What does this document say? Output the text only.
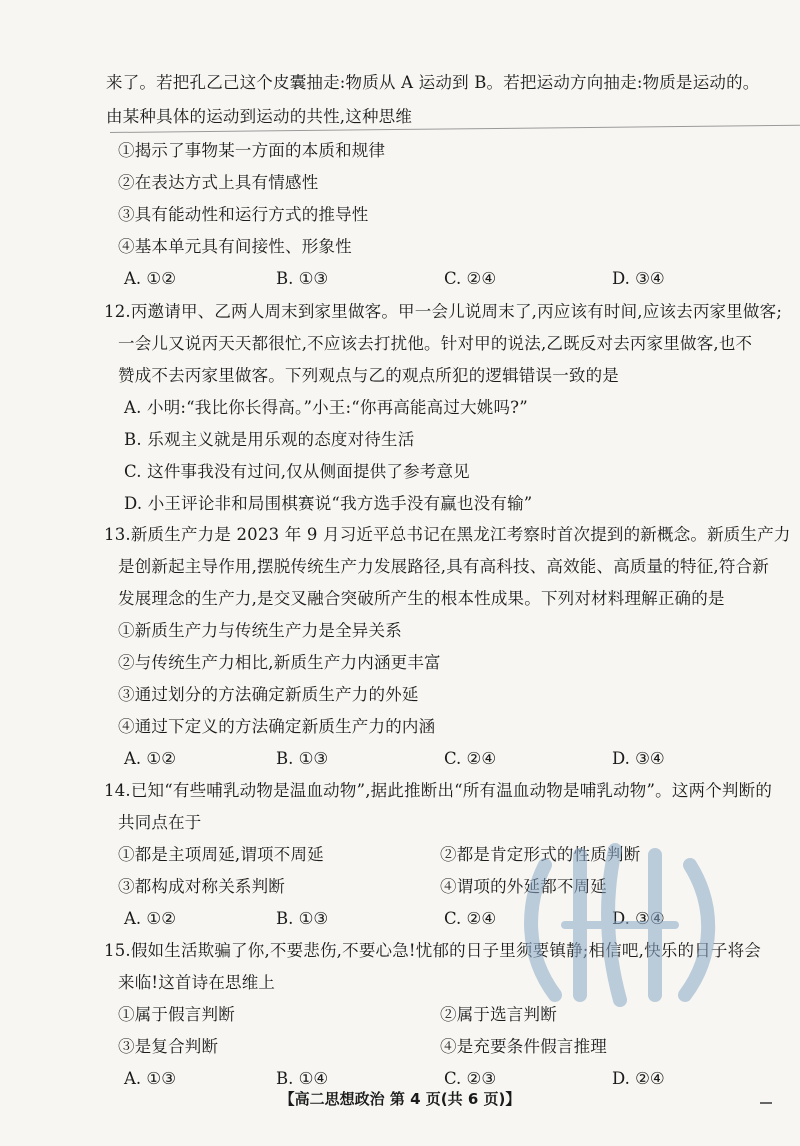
来了。若把孔乙己这个皮囊抽走:物质从 A 运动到 B。若把运动方向抽走:物质是运动的。
由某种具体的运动到运动的共性,这种思维
①揭示了事物某一方面的本质和规律
②在表达方式上具有情感性
③具有能动性和运行方式的推导性
④基本单元具有间接性、形象性
A. ①②	B. ①③	C. ②④	D. ③④
12.丙邀请甲、乙两人周末到家里做客。甲一会儿说周末了,丙应该有时间,应该去丙家里做客;
一会儿又说丙天天都很忙,不应该去打扰他。针对甲的说法,乙既反对去丙家里做客,也不
赞成不去丙家里做客。下列观点与乙的观点所犯的逻辑错误一致的是
A. 小明:“我比你长得高。”小王:“你再高能高过大姚吗?”
B. 乐观主义就是用乐观的态度对待生活
C. 这件事我没有过问,仅从侧面提供了参考意见
D. 小王评论非和局围棋赛说“我方选手没有赢也没有输”
13.新质生产力是 2023 年 9 月习近平总书记在黑龙江考察时首次提到的新概念。新质生产力
是创新起主导作用,摆脱传统生产力发展路径,具有高科技、高效能、高质量的特征,符合新
发展理念的生产力,是交叉融合突破所产生的根本性成果。下列对材料理解正确的是
①新质生产力与传统生产力是全异关系
②与传统生产力相比,新质生产力内涵更丰富
③通过划分的方法确定新质生产力的外延
④通过下定义的方法确定新质生产力的内涵
A. ①②	B. ①③	C. ②④	D. ③④
14.已知“有些哺乳动物是温血动物”,据此推断出“所有温血动物是哺乳动物”。这两个判断的
共同点在于
①都是主项周延,谓项不周延	②都是肯定形式的性质判断
③都构成对称关系判断	④谓项的外延都不周延
A. ①②	B. ①③	C. ②④	D. ③④
15.假如生活欺骗了你,不要悲伤,不要心急!忧郁的日子里须要镇静;相信吧,快乐的日子将会
来临!这首诗在思维上
①属于假言判断	②属于选言判断
③是复合判断	④是充要条件假言推理
A. ①③	B. ①④	C. ②③	D. ②④
【高二思想政治 第 4 页(共 6 页)】
